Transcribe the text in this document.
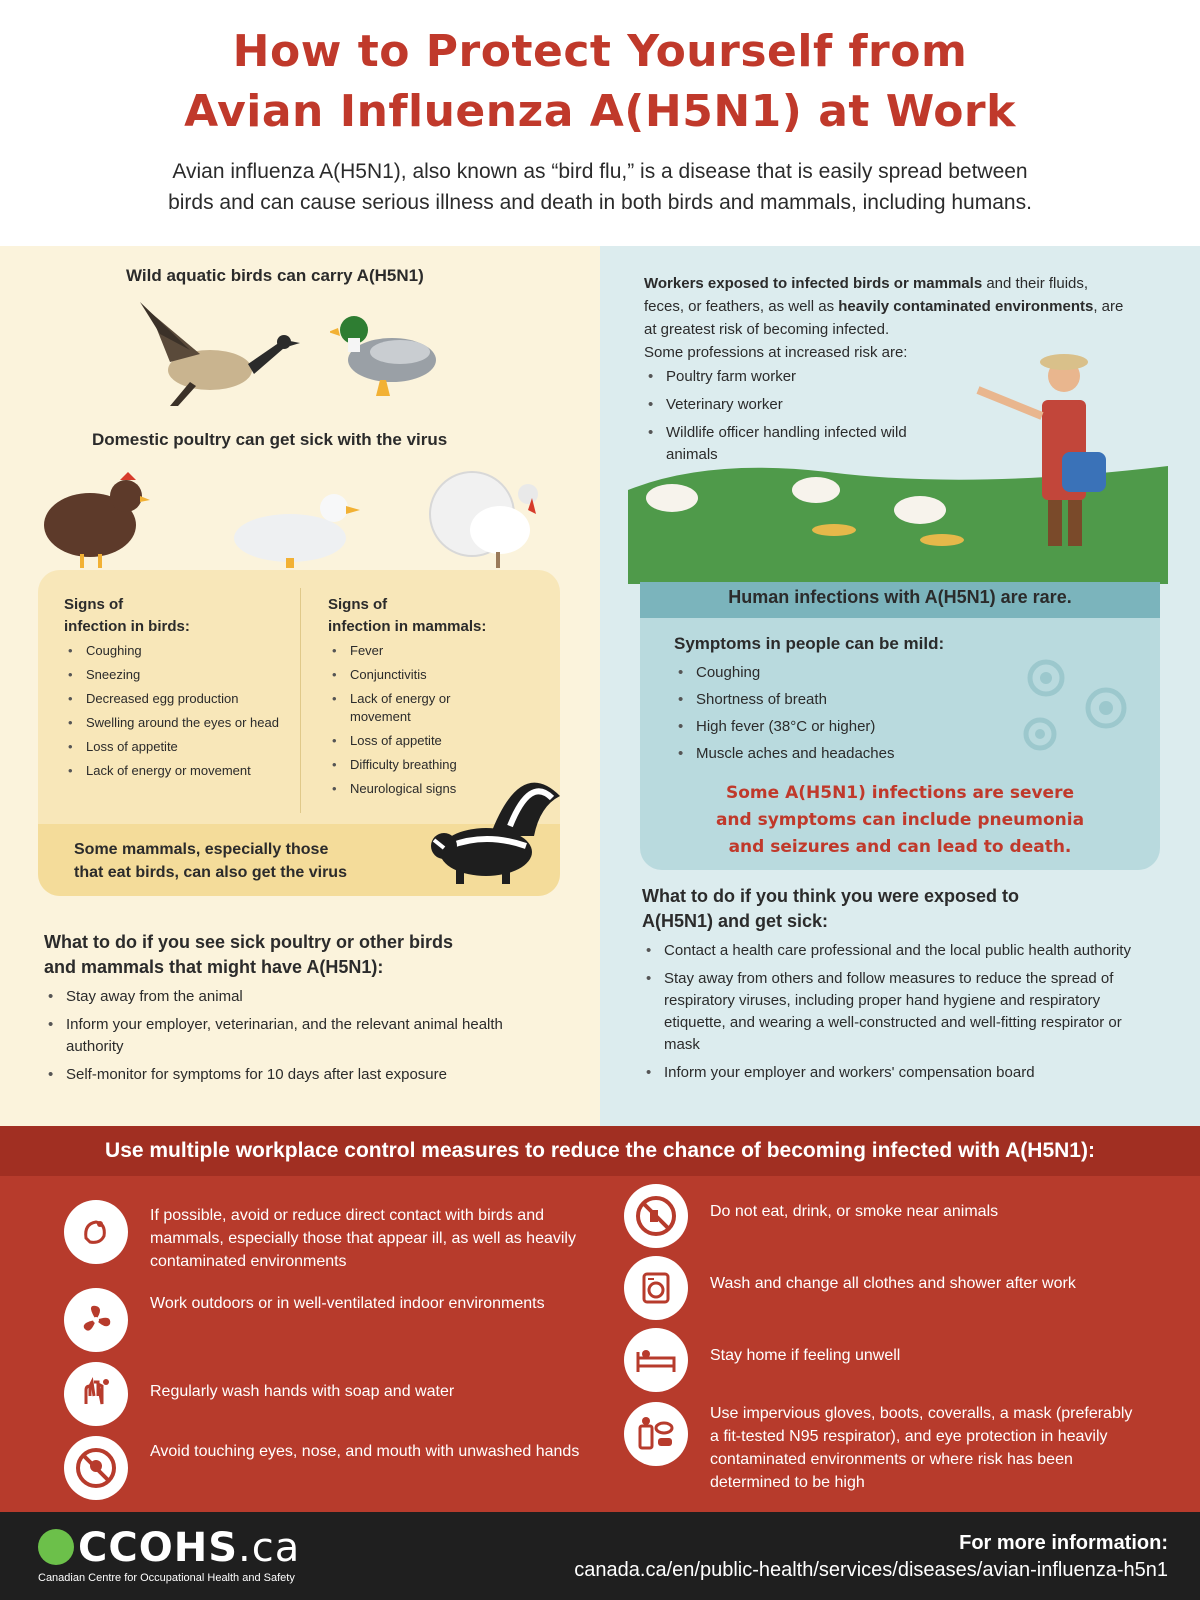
How to Protect Yourself from
Avian Influenza A(H5N1) at Work

Avian influenza A(H5N1), also known as “bird flu,” is a disease that is easily spread between
birds and can cause serious illness and death in both birds and mammals, including humans.

Wild aquatic birds can carry A(H5N1)
Domestic poultry can get sick with the virus
Signs of
infection in birds:
• Coughing
• Sneezing
• Decreased egg production
• Swelling around the eyes or head
• Loss of appetite
• Lack of energy or movement
Signs of
infection in mammals:
• Fever
• Conjunctivitis
• Lack of energy or movement
• Loss of appetite
• Difficulty breathing
• Neurological signs
Some mammals, especially those
that eat birds, can also get the virus
What to do if you see sick poultry or other birds
and mammals that might have A(H5N1):
• Stay away from the animal
• Inform your employer, veterinarian, and the relevant animal health authority
• Self-monitor for symptoms for 10 days after last exposure
Workers exposed to infected birds or mammals and their fluids, feces, or feathers, as well as heavily contaminated environments, are at greatest risk of becoming infected.
Some professions at increased risk are:
• Poultry farm worker
• Veterinary worker
• Wildlife officer handling infected wild animals
Human infections with A(H5N1) are rare.
Symptoms in people can be mild:
• Coughing
• Shortness of breath
• High fever (38°C or higher)
• Muscle aches and headaches
Some A(H5N1) infections are severe
and symptoms can include pneumonia
and seizures and can lead to death.
What to do if you think you were exposed to
A(H5N1) and get sick:
• Contact a health care professional and the local public health authority
• Stay away from others and follow measures to reduce the spread of respiratory viruses, including proper hand hygiene and respiratory etiquette, and wearing a well-constructed and well-fitting respirator or mask
• Inform your employer and workers' compensation board
Use multiple workplace control measures to reduce the chance of becoming infected with A(H5N1):
If possible, avoid or reduce direct contact with birds and mammals, especially those that appear ill, as well as heavily contaminated environments
Work outdoors or in well-ventilated indoor environments
Regularly wash hands with soap and water
Avoid touching eyes, nose, and mouth with unwashed hands
Do not eat, drink, or smoke near animals
Wash and change all clothes and shower after work
Stay home if feeling unwell
Use impervious gloves, boots, coveralls, a mask (preferably a fit-tested N95 respirator), and eye protection in heavily contaminated environments or where risk has been determined to be high
CCOHS.ca
Canadian Centre for Occupational Health and Safety
For more information:
canada.ca/en/public-health/services/diseases/avian-influenza-h5n1
